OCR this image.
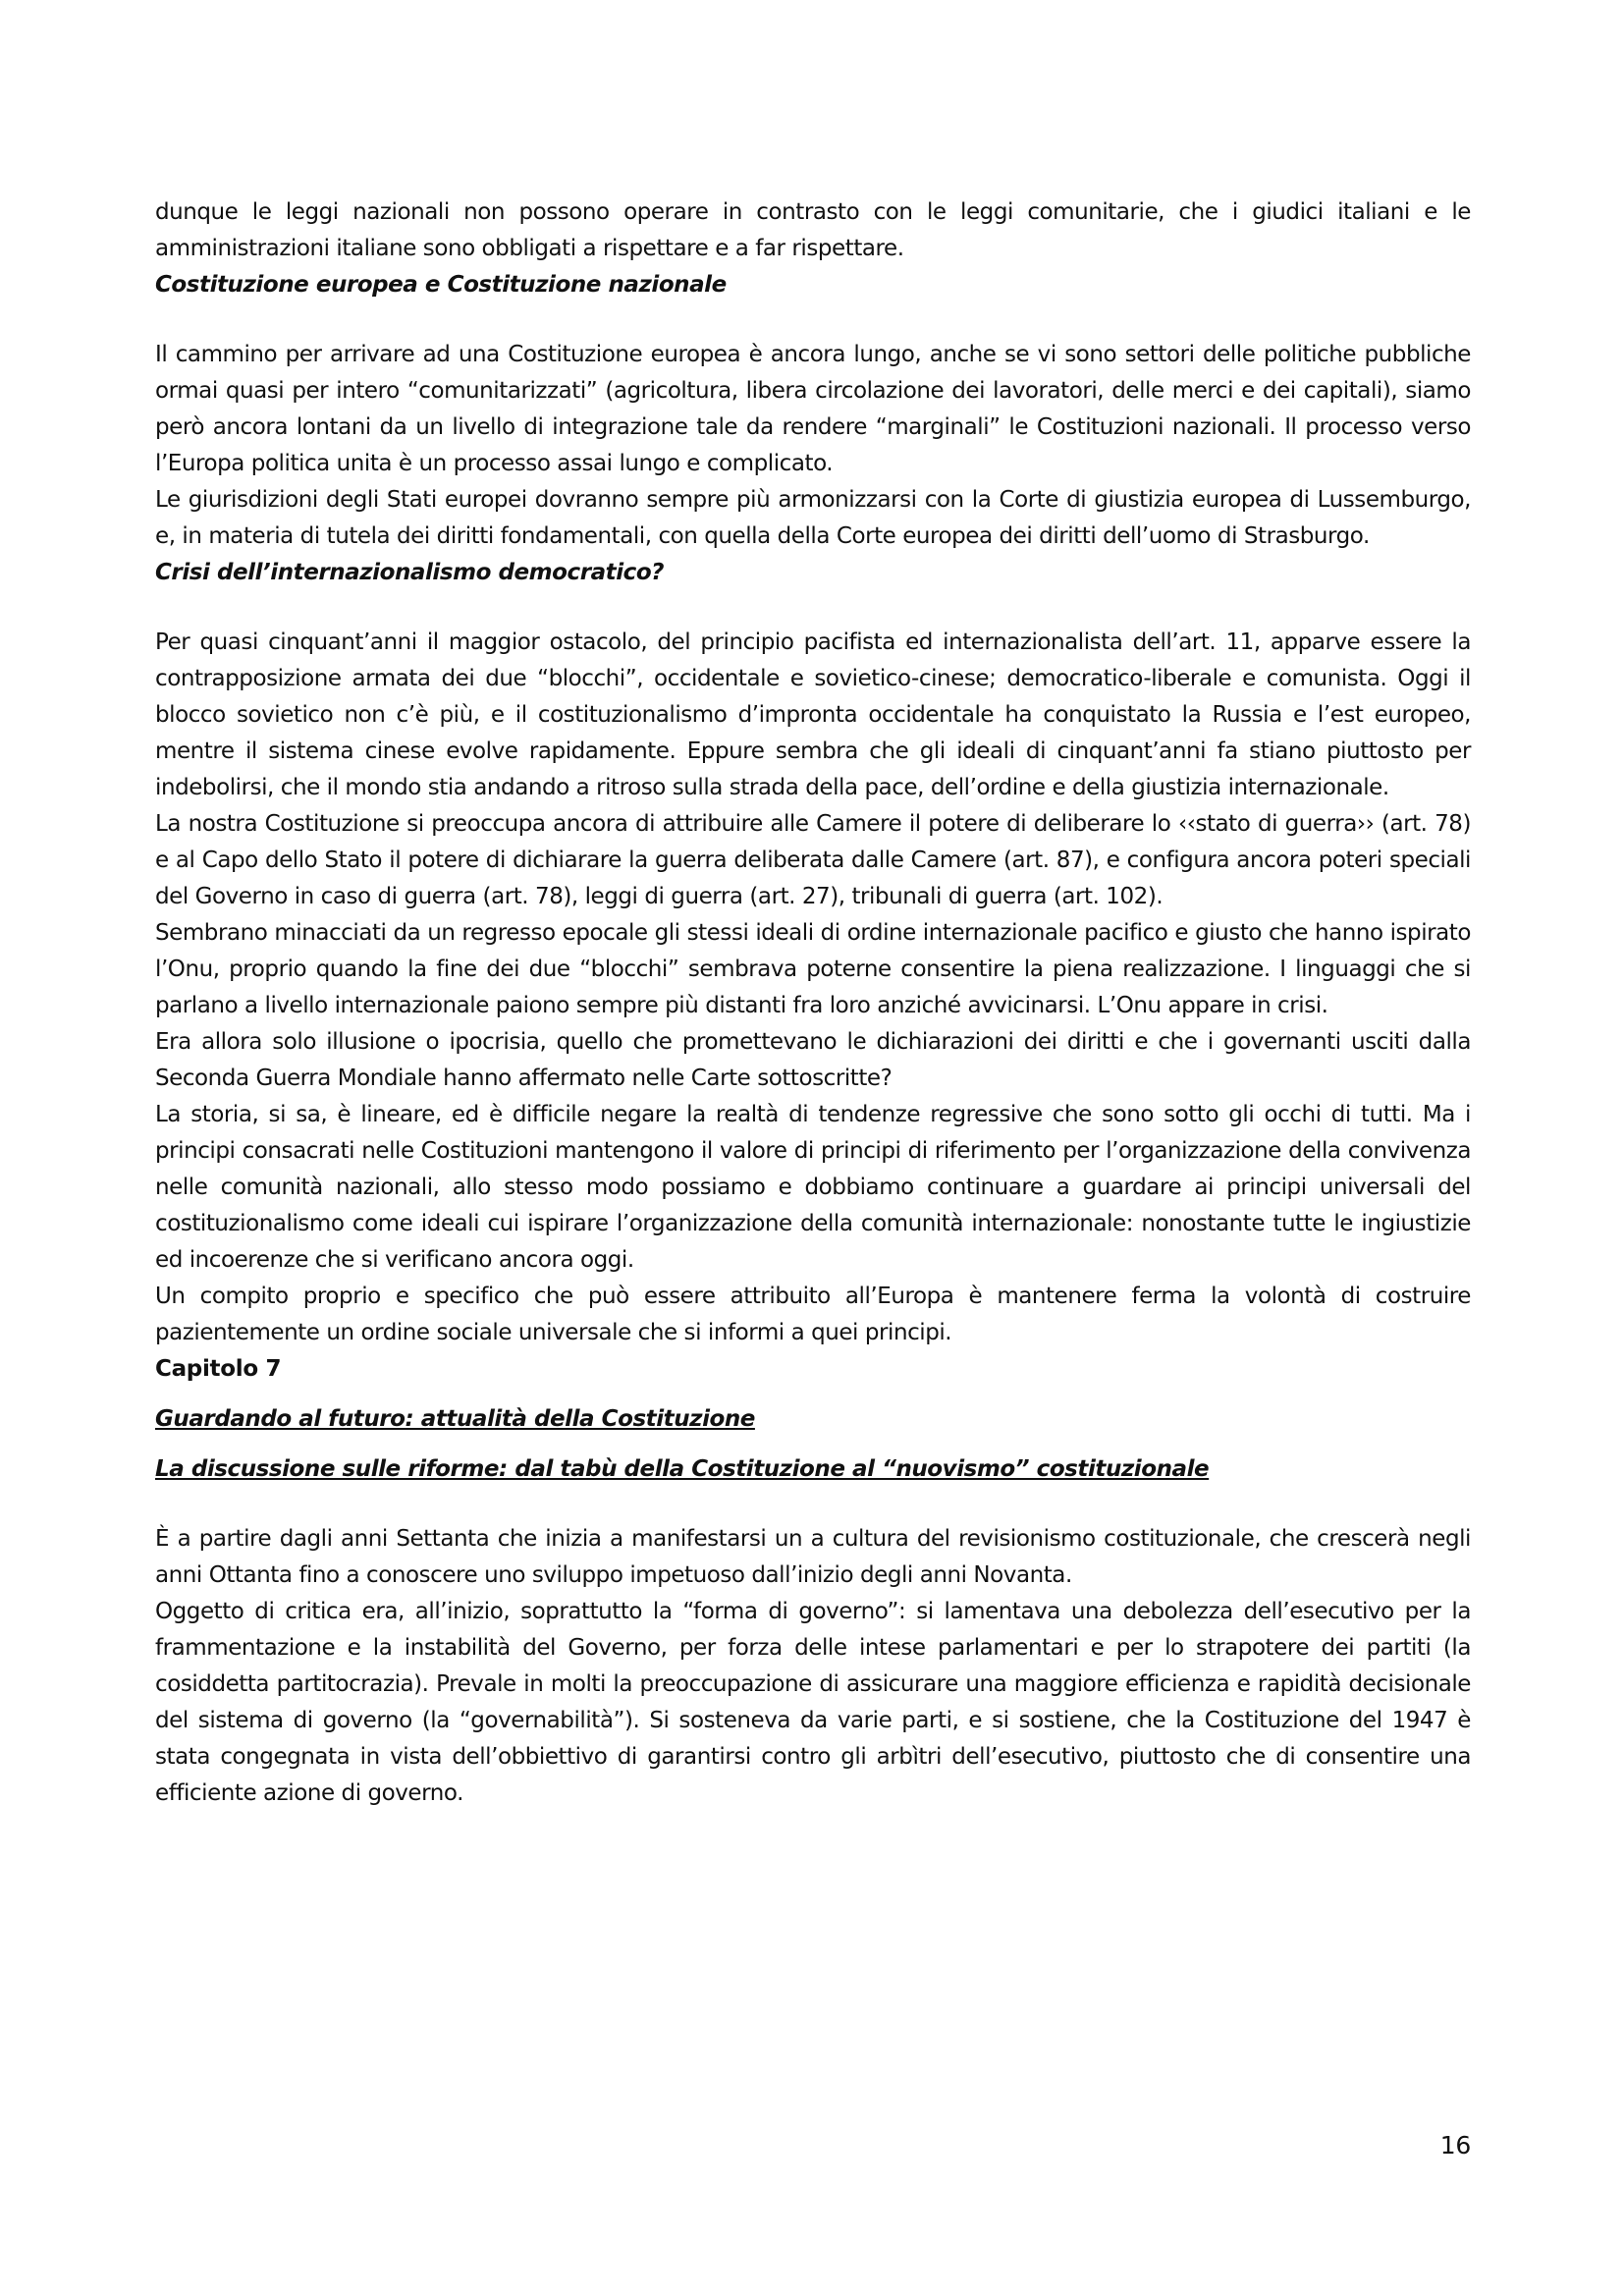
dunque le leggi nazionali non possono operare in contrasto con le leggi comunitarie, che i giudici italiani e le amministrazioni italiane sono obbligati a rispettare e a far rispettare.

Costituzione europea e Costituzione nazionale

Il cammino per arrivare ad una Costituzione europea è ancora lungo, anche se vi sono settori delle politiche pubbliche ormai quasi per intero “comunitarizzati” (agricoltura, libera circolazione dei lavoratori, delle merci e dei capitali), siamo però ancora lontani da un livello di integrazione tale da rendere “marginali” le Costituzioni nazionali. Il processo verso l’Europa politica unita è un processo assai lungo e complicato.

Le giurisdizioni degli Stati europei dovranno sempre più armonizzarsi con la Corte di giustizia europea di Lussemburgo, e, in materia di tutela dei diritti fondamentali, con quella della Corte europea dei diritti dell’uomo di Strasburgo.

Crisi dell’internazionalismo democratico?

Per quasi cinquant’anni il maggior ostacolo, del principio pacifista ed internazionalista dell’art. 11, apparve essere la contrapposizione armata dei due “blocchi”, occidentale e sovietico-cinese; democratico-liberale e comunista. Oggi il blocco sovietico non c’è più, e il costituzionalismo d’impronta occidentale ha conquistato la Russia e l’est europeo, mentre il sistema cinese evolve rapidamente. Eppure sembra che gli ideali di cinquant’anni fa stiano piuttosto per indebolirsi, che il mondo stia andando a ritroso sulla strada della pace, dell’ordine e della giustizia internazionale.

La nostra Costituzione si preoccupa ancora di attribuire alle Camere il potere di deliberare lo ‹‹stato di guerra›› (art. 78) e al Capo dello Stato il potere di dichiarare la guerra deliberata dalle Camere (art. 87), e configura ancora poteri speciali del Governo in caso di guerra (art. 78), leggi di guerra (art. 27), tribunali di guerra (art. 102).

Sembrano minacciati da un regresso epocale gli stessi ideali di ordine internazionale pacifico e giusto che hanno ispirato l’Onu, proprio quando la fine dei due “blocchi” sembrava poterne consentire la piena realizzazione. I linguaggi che si parlano a livello internazionale paiono sempre più distanti fra loro anziché avvicinarsi. L’Onu appare in crisi.

Era allora solo illusione o ipocrisia, quello che promettevano le dichiarazioni dei diritti e che i governanti usciti dalla Seconda Guerra Mondiale hanno affermato nelle Carte sottoscritte?

La storia, si sa, è lineare, ed è difficile negare la realtà di tendenze regressive che sono sotto gli occhi di tutti. Ma i principi consacrati nelle Costituzioni mantengono il valore di principi di riferimento per l’organizzazione della convivenza nelle comunità nazionali, allo stesso modo possiamo e dobbiamo continuare a guardare ai principi universali del costituzionalismo come ideali cui ispirare l’organizzazione della comunità internazionale: nonostante tutte le ingiustizie ed incoerenze che si verificano ancora oggi.

Un compito proprio e specifico che può essere attribuito all’Europa è mantenere ferma la volontà di costruire pazientemente un ordine sociale universale che si informi a quei principi.

Capitolo 7
Guardando al futuro: attualità della Costituzione
La discussione sulle riforme: dal tabù della Costituzione al “nuovismo” costituzionale

È a partire dagli anni Settanta che inizia a manifestarsi un a cultura del revisionismo costituzionale, che crescerà negli anni Ottanta fino a conoscere uno sviluppo impetuoso dall’inizio degli anni Novanta.

Oggetto di critica era, all’inizio, soprattutto la “forma di governo”: si lamentava una debolezza dell’esecutivo per la frammentazione e la instabilità del Governo, per forza delle intese parlamentari e per lo strapotere dei partiti (la cosiddetta partitocrazia). Prevale in molti la preoccupazione di assicurare una maggiore efficienza e rapidità decisionale del sistema di governo (la “governabilità”). Si sosteneva da varie parti, e si sostiene, che la Costituzione del 1947 è stata congegnata in vista dell’obbiettivo di garantirsi contro gli arbìtri dell’esecutivo, piuttosto che di consentire una efficiente azione di governo.

16
